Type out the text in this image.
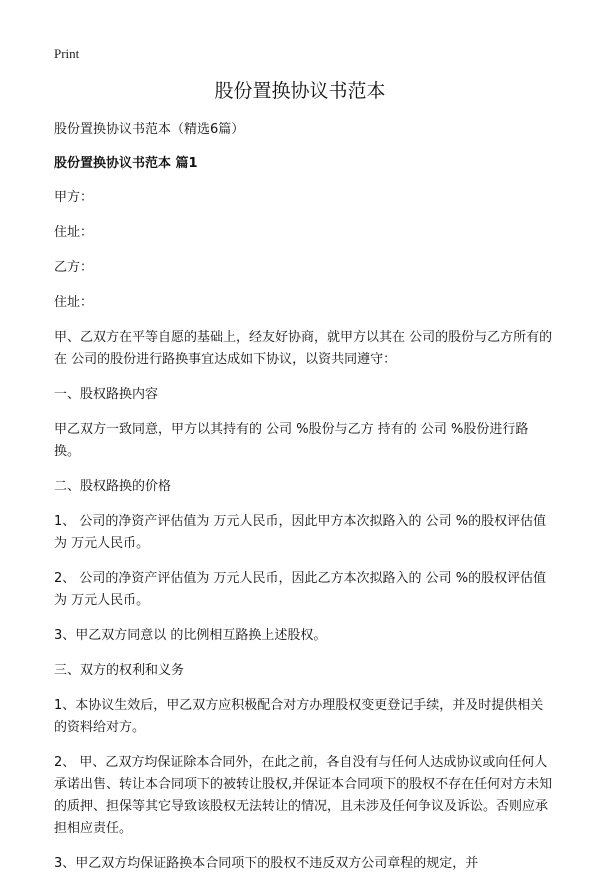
Print
股份置换协议书范本
股份置换协议书范本（精选6篇）
股份置换协议书范本 篇1
甲方：
住址：
乙方：
住址：
甲、乙双方在平等自愿的基础上，经友好协商，就甲方以其在 公司的股份与乙方所有的在 公司的股份进行路换事宜达成如下协议，以资共同遵守：
一、股权路换内容
甲乙双方一致同意，甲方以其持有的 公司 %股份与乙方 持有的 公司 %股份进行路换。
二、股权路换的价格
1、 公司的净资产评估值为 万元人民币，因此甲方本次拟路入的 公司 %的股权评估值为 万元人民币。
2、 公司的净资产评估值为 万元人民币，因此乙方本次拟路入的 公司 %的股权评估值为 万元人民币。
3、甲乙双方同意以 的比例相互路换上述股权。
三、双方的权利和义务
1、本协议生效后，甲乙双方应积极配合对方办理股权变更登记手续，并及时提供相关的资料给对方。
2、 甲、乙双方均保证除本合同外，在此之前，各自没有与任何人达成协议或向任何人承诺出售、转让本合同项下的被转让股权,并保证本合同项下的股权不存在任何对方未知的质押、担保等其它导致该股权无法转让的情况，且未涉及任何争议及诉讼。否则应承担相应责任。
3、甲乙双方均保证路换本合同项下的股权不违反双方公司章程的规定，并
